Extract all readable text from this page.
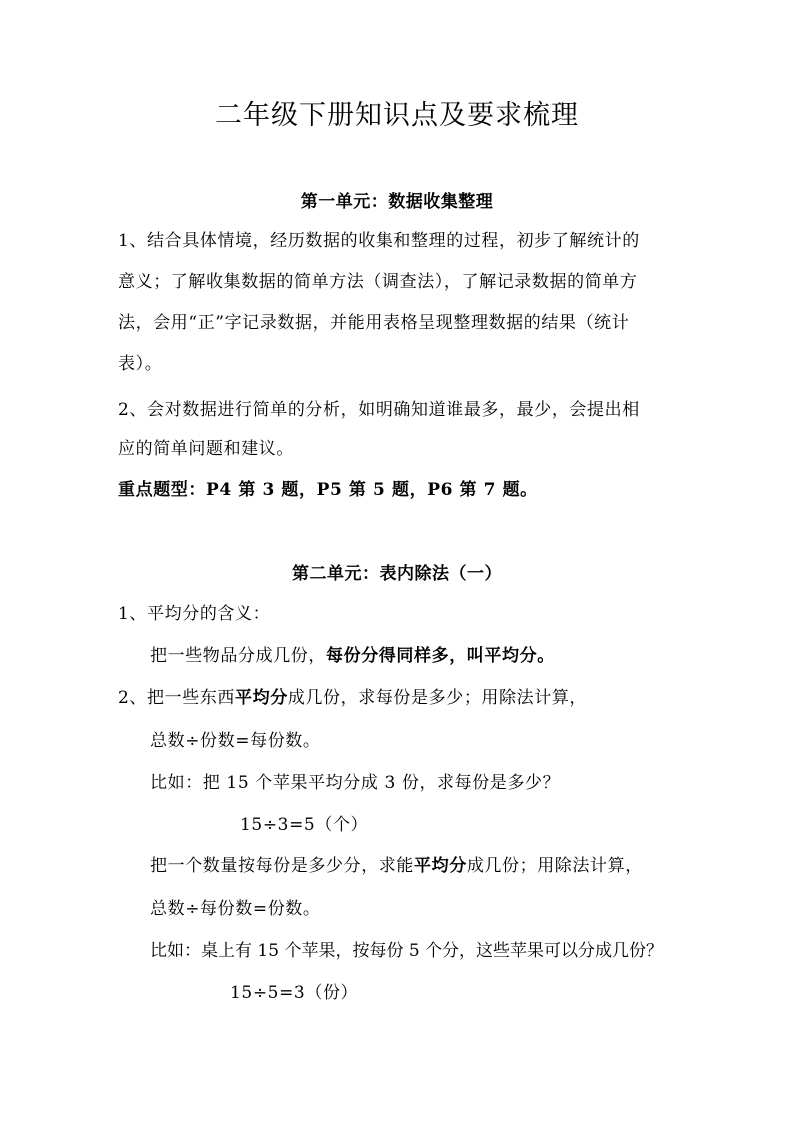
二年级下册知识点及要求梳理
第一单元：数据收集整理
1、结合具体情境，经历数据的收集和整理的过程，初步了解统计的
意义；了解收集数据的简单方法（调查法），了解记录数据的简单方
法，会用“正”字记录数据，并能用表格呈现整理数据的结果（统计
表）。
2、会对数据进行简单的分析，如明确知道谁最多，最少，会提出相
应的简单问题和建议。
重点题型：P4 第 3 题，P5 第 5 题，P6 第 7 题。
第二单元：表内除法（一）
1、平均分的含义：
把一些物品分成几份，每份分得同样多，叫平均分。
2、把一些东西平均分成几份，求每份是多少；用除法计算，
总数÷份数=每份数。
比如：把 15 个苹果平均分成 3 份，求每份是多少？
15÷3=5（个）
把一个数量按每份是多少分，求能平均分成几份；用除法计算，
总数÷每份数=份数。
比如：桌上有 15 个苹果，按每份 5 个分，这些苹果可以分成几份？
15÷5=3（份）
